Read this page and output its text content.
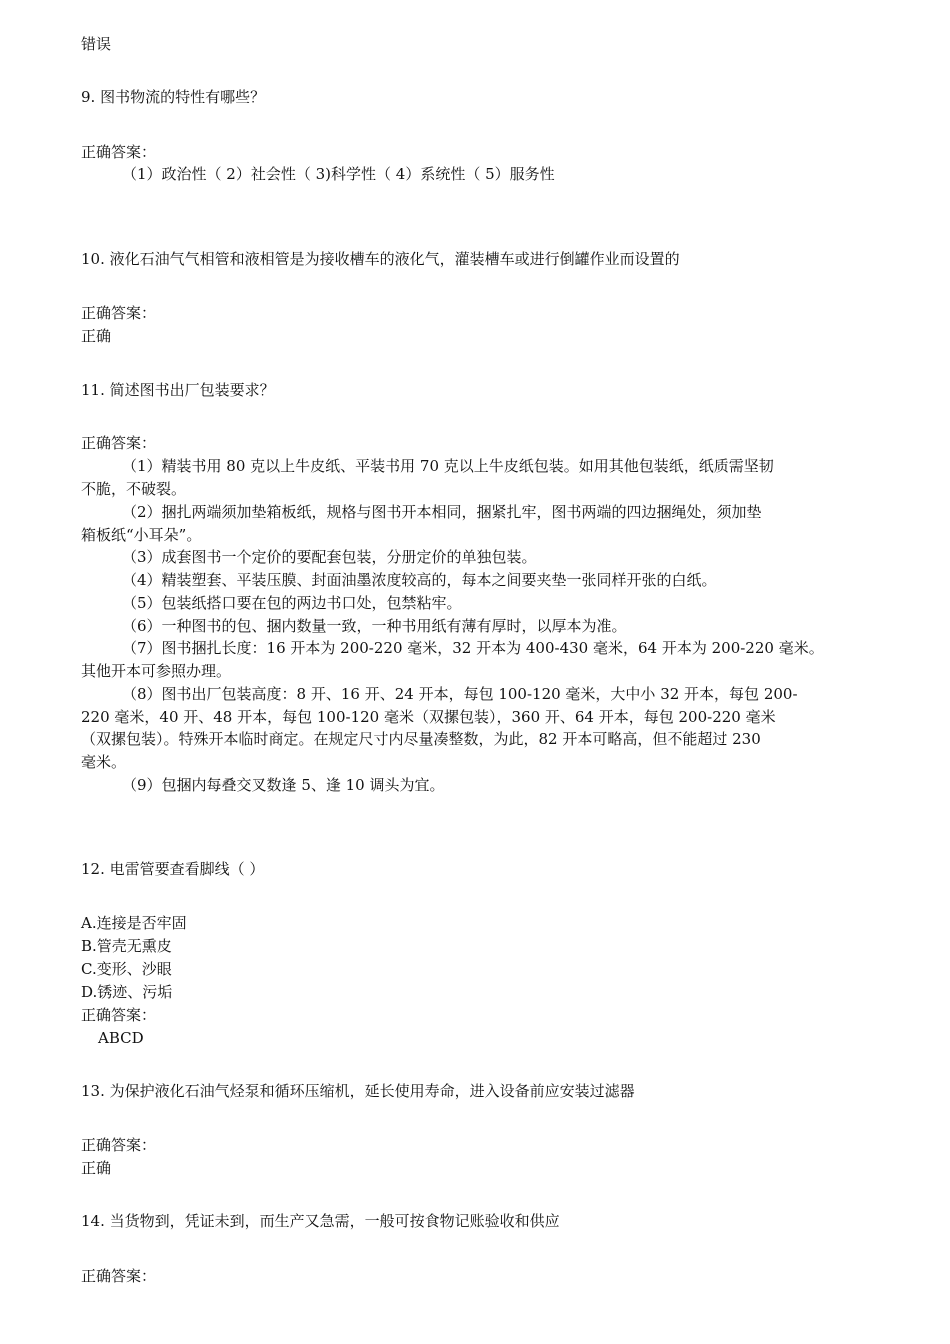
错误
9. 图书物流的特性有哪些？
正确答案：
（1）政治性（ 2）社会性（ 3)科学性（ 4）系统性（ 5）服务性
10. 液化石油气气相管和液相管是为接收槽车的液化气，灌装槽车或进行倒罐作业而设置的
正确答案：
正确
11. 简述图书出厂包装要求？
正确答案：
（1）精装书用 80 克以上牛皮纸、平装书用 70 克以上牛皮纸包装。如用其他包装纸，纸质需坚韧
不脆，不破裂。
（2）捆扎两端须加垫箱板纸，规格与图书开本相同，捆紧扎牢，图书两端的四边捆绳处，须加垫
箱板纸“小耳朵”。
（3）成套图书一个定价的要配套包装，分册定价的单独包装。
（4）精装塑套、平装压膜、封面油墨浓度较高的，每本之间要夹垫一张同样开张的白纸。
（5）包装纸搭口要在包的两边书口处，包禁粘牢。
（6）一种图书的包、捆内数量一致，一种书用纸有薄有厚时，以厚本为准。
（7）图书捆扎长度：16 开本为 200-220 毫米，32 开本为 400-430 毫米，64 开本为 200-220 毫米。
其他开本可参照办理。
（8）图书出厂包装高度：8 开、16 开、24 开本，每包 100-120 毫米，大中小 32 开本，每包 200-
220 毫米，40 开、48 开本，每包 100-120 毫米（双摞包装），360 开、64 开本，每包 200-220 毫米
（双摞包装）。特殊开本临时商定。在规定尺寸内尽量凑整数，为此，82 开本可略高，但不能超过 230
毫米。
（9）包捆内每叠交叉数逢 5、逢 10 调头为宜。
12. 电雷管要查看脚线（ ）
A.连接是否牢固
B.管壳无熏皮
C.变形、沙眼
D.锈迹、污垢
正确答案：
ABCD
13. 为保护液化石油气烃泵和循环压缩机，延长使用寿命，进入设备前应安装过滤器
正确答案：
正确
14. 当货物到，凭证未到，而生产又急需，一般可按食物记账验收和供应
正确答案：
